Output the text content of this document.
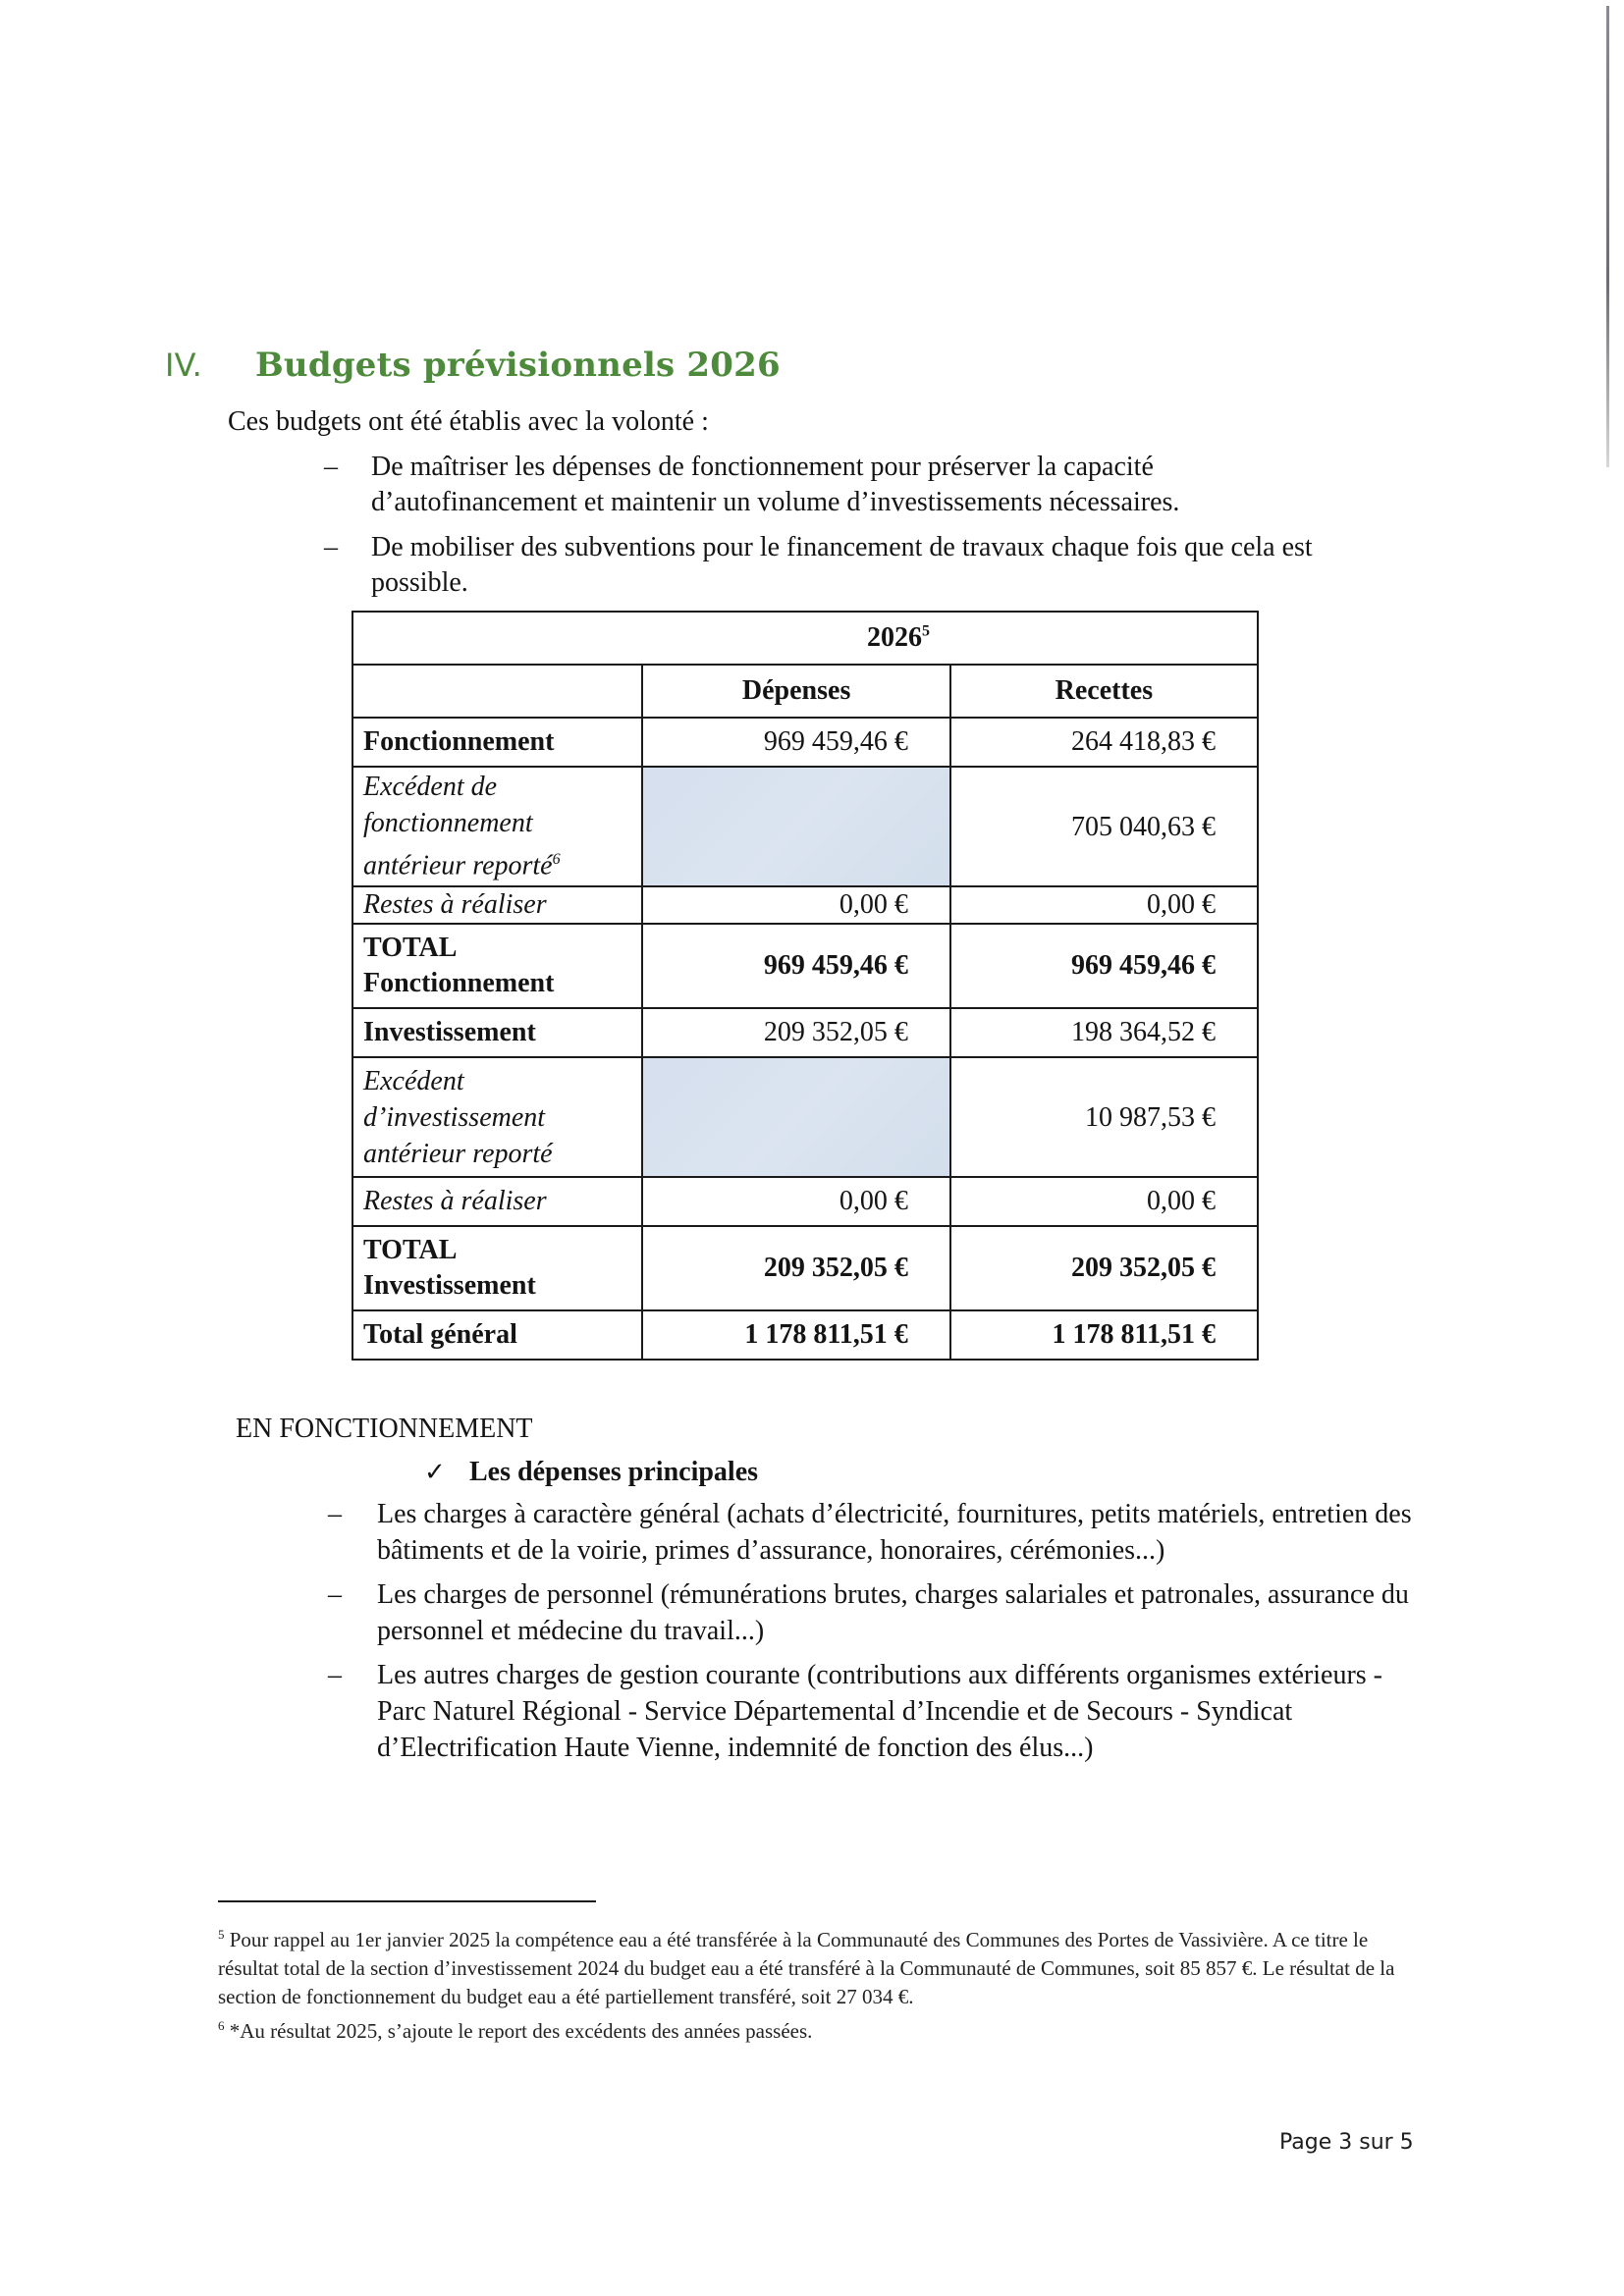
IV. Budgets prévisionnels 2026

Ces budgets ont été établis avec la volonté :

– De maîtriser les dépenses de fonctionnement pour préserver la capacité d’autofinancement et maintenir un volume d’investissements nécessaires.
– De mobiliser des subventions pour le financement de travaux chaque fois que cela est possible.
2026$^5$
	Dépenses	Recettes
Fonctionnement	969 459,46 €	264 418,83 €
Excédent de fonctionnement antérieur reporté$^6$		705 040,63 €
Restes à réaliser	0,00 €	0,00 €
TOTAL
Fonctionnement	969 459,46 €	969 459,46 €
Investissement	209 352,05 €	198 364,52 €
Excédent d’investissement antérieur reporté		10 987,53 €
Restes à réaliser	0,00 €	0,00 €
TOTAL
Investissement	209 352,05 €	209 352,05 €
Total général	1 178 811,51 €	1 178 811,51 €

EN FONCTIONNEMENT

✓ Les dépenses principales

– Les charges à caractère général (achats d’électricité, fournitures, petits matériels, entretien des bâtiments et de la voirie, primes d’assurance, honoraires, cérémonies...)
– Les charges de personnel (rémunérations brutes, charges salariales et patronales, assurance du personnel et médecine du travail...)
– Les autres charges de gestion courante (contributions aux différents organismes extérieurs -Parc Naturel Régional - Service Départemental d’Incendie et de Secours - Syndicat d’Electrification Haute Vienne, indemnité de fonction des élus...)

$^5$ Pour rappel au 1er janvier 2025 la compétence eau a été transférée à la Communauté des Communes des Portes de Vassivière. A ce titre le résultat total de la section d’investissement 2024 du budget eau a été transféré à la Communauté de Communes, soit 85 857 €. Le résultat de la section de fonctionnement du budget eau a été partiellement transféré, soit 27 034 €.

$^6$ *Au résultat 2025, s’ajoute le report des excédents des années passées.

Page 3 sur 5
